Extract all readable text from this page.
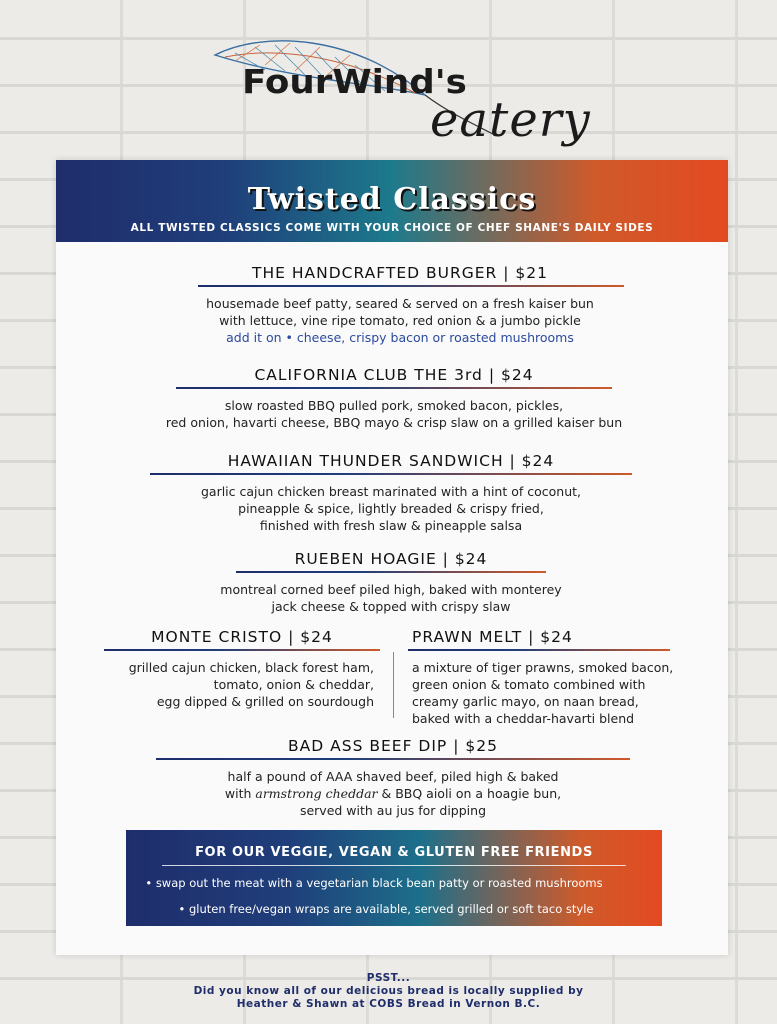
FourWind's
eatery
Twisted Classics
ALL TWISTED CLASSICS COME WITH YOUR CHOICE OF CHEF SHANE'S DAILY SIDES
THE HANDCRAFTED BURGER | $21
housemade beef patty, seared & served on a fresh kaiser bun
with lettuce, vine ripe tomato, red onion & a jumbo pickle
add it on • cheese, crispy bacon or roasted mushrooms
CALIFORNIA CLUB THE 3rd | $24
slow roasted BBQ pulled pork, smoked bacon, pickles,
red onion, havarti cheese, BBQ mayo & crisp slaw on a grilled kaiser bun
HAWAIIAN THUNDER SANDWICH | $24
garlic cajun chicken breast marinated with a hint of coconut,
pineapple & spice, lightly breaded & crispy fried,
finished with fresh slaw & pineapple salsa
RUEBEN HOAGIE | $24
montreal corned beef piled high, baked with monterey
jack cheese & topped with crispy slaw
MONTE CRISTO | $24
grilled cajun chicken, black forest ham,
tomato, onion & cheddar,
egg dipped & grilled on sourdough
PRAWN MELT | $24
a mixture of tiger prawns, smoked bacon,
green onion & tomato combined with
creamy garlic mayo, on naan bread,
baked with a cheddar-havarti blend
BAD ASS BEEF DIP | $25
half a pound of AAA shaved beef, piled high & baked
with armstrong cheddar & BBQ aioli on a hoagie bun,
served with au jus for dipping
FOR OUR VEGGIE, VEGAN & GLUTEN FREE FRIENDS
• swap out the meat with a vegetarian black bean patty or roasted mushrooms
• gluten free/vegan wraps are available, served grilled or soft taco style
PSST...
Did you know all of our delicious bread is locally supplied by
Heather & Shawn at COBS Bread in Vernon B.C.
